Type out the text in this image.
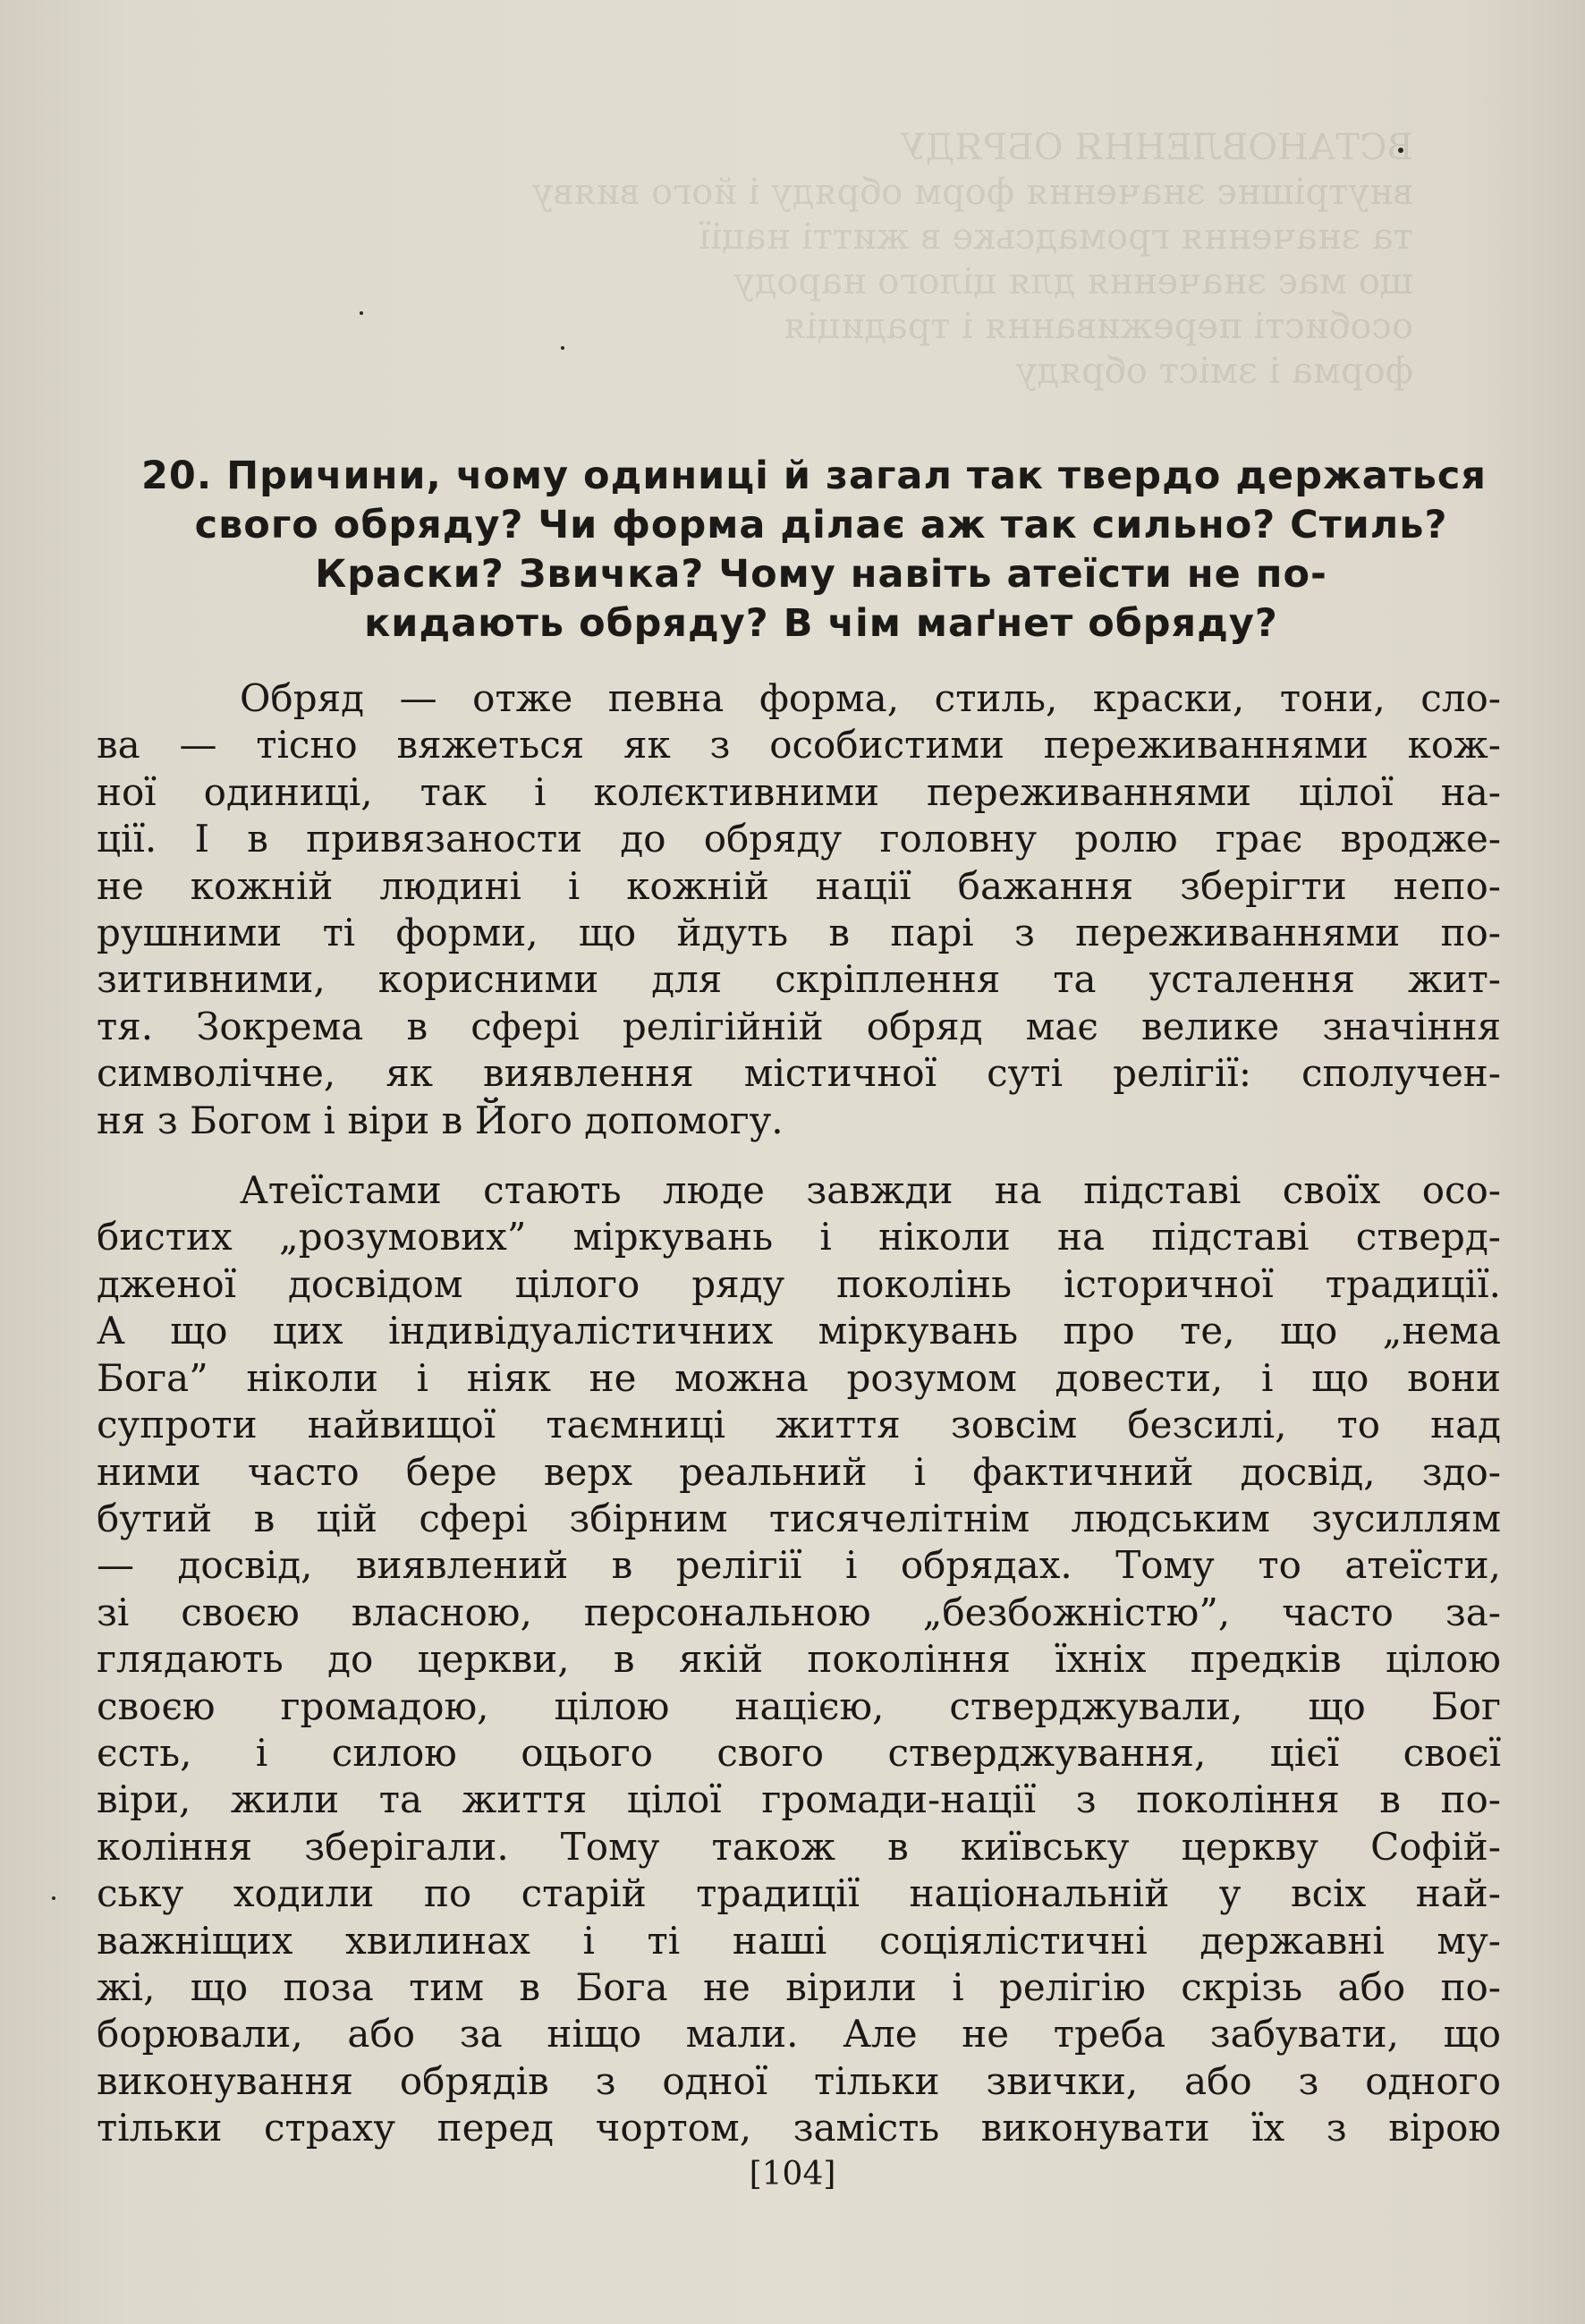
ВСТАНОВЛЕННЯ ОБРЯДУ
внутрішнє значення форм обряду і його вияву
та значення громадське в житті нації
що має значення для цілого народу
особисті переживання і традиція
форма і зміст обряду
20. Причини, чому одиниці й загал так твердо держаться
свого обряду? Чи форма ділає аж так сильно? Стиль?
Краски? Звичка? Чому навіть атеїсти не по-
кидають обряду? В чім маґнет обряду?
Обряд — отже певна форма, стиль, краски, тони, сло-
ва — тісно вяжеться як з особистими переживаннями кож-
ної одиниці, так і колєктивними переживаннями цілої на-
ції. І в привязаности до обряду головну ролю грає вродже-
не кожній людині і кожній нації бажання зберігти непо-
рушними ті форми, що йдуть в парі з переживаннями по-
зитивними, корисними для скріплення та усталення жит-
тя. Зокрема в сфері релігійній обряд має велике значіння
символічне, як виявлення містичної суті релігії: сполучен-
ня з Богом і віри в Його допомогу.
Атеїстами стають люде завжди на підставі своїх осо-
бистих „розумових” міркувань і ніколи на підставі стверд-
дженої досвідом цілого ряду поколінь історичної традиції.
А що цих індивідуалістичних міркувань про те, що „нема
Бога” ніколи і ніяк не можна розумом довести, і що вони
супроти найвищої таємниці життя зовсім безсилі, то над
ними часто бере верх реальний і фактичний досвід, здо-
бутий в цій сфері збірним тисячелітнім людським зусиллям
— досвід, виявлений в релігії і обрядах. Тому то атеїсти,
зі своєю власною, персональною „безбожністю”, часто за-
глядають до церкви, в якій покоління їхніх предків цілою
своєю громадою, цілою нацією, стверджували, що Бог
єсть, і силою оцього свого стверджування, цієї своєї
віри, жили та життя цілої громади-нації з покоління в по-
коління зберігали. Тому також в київську церкву Софій-
ську ходили по старій традиції національній у всіх най-
важніщих хвилинах і ті наші соціялістичні державні му-
жі, що поза тим в Бога не вірили і релігію скрізь або по-
борювали, або за ніщо мали. Але не треба забувати, що
виконування обрядів з одної тільки звички, або з одного
тільки страху перед чортом, замість виконувати їх з вірою
[104]
